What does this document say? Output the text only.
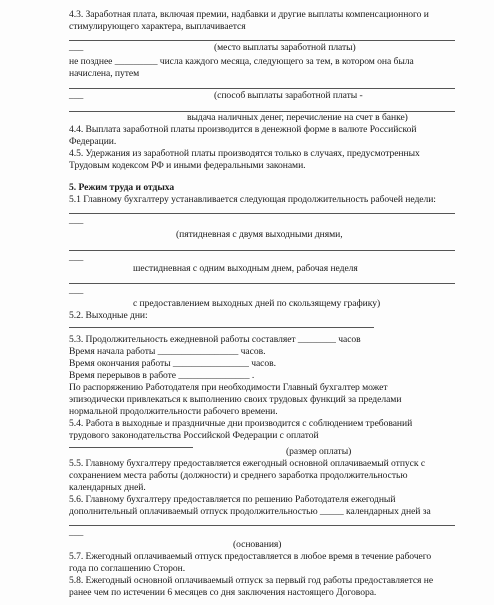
4.3. Заработная плата, включая премии, надбавки и другие выплаты компенсационного и
стимулирующего характера, выплачивается
___	(место выплаты заработной платы)
не позднее _________ числа каждого месяца, следующего за тем, в котором она была
начислена, путем
___	(способ выплаты заработной платы -
выдача наличных денег, перечисление на счет в банке)
4.4. Выплата заработной платы производится в денежной форме в валюте Российской
Федерации.
4.5. Удержания из заработной платы производятся только в случаях, предусмотренных
Трудовым кодексом РФ и иными федеральными законами.
5. Режим труда и отдыха
5.1 Главному бухгалтеру устанавливается следующая продолжительность рабочей недели:
___
(пятидневная с двумя выходными днями,
___
шестидневная с одним выходным днем, рабочая неделя
___
с предоставлением выходных дней по скользящему графику)
5.2. Выходные дни:
5.3. Продолжительность ежедневной работы составляет ________ часов
Время начала работы _________________ часов.
Время окончания работы ________________ часов.
Время перерывов в работе _______________ .
По распоряжению Работодателя при необходимости Главный бухгалтер может
эпизодически привлекаться к выполнению своих трудовых функций за пределами
нормальной продолжительности рабочего времени.
5.4. Работа в выходные и праздничные дни производится с соблюдением требований
трудового законодательства Российской Федерации с оплатой
(размер оплаты)
5.5. Главному бухгалтеру предоставляется ежегодный основной оплачиваемый отпуск с
сохранением места работы (должности) и среднего заработка продолжительностью
календарных дней.
5.6. Главному бухгалтеру предоставляется по решению Работодателя ежегодный
дополнительный оплачиваемый отпуск продолжительностью _____ календарных дней за
___
(основания)
5.7. Ежегодный оплачиваемый отпуск предоставляется в любое время в течение рабочего
года по соглашению Сторон.
5.8. Ежегодный основной оплачиваемый отпуск за первый год работы предоставляется не
ранее чем по истечении 6 месяцев со дня заключения настоящего Договора.
